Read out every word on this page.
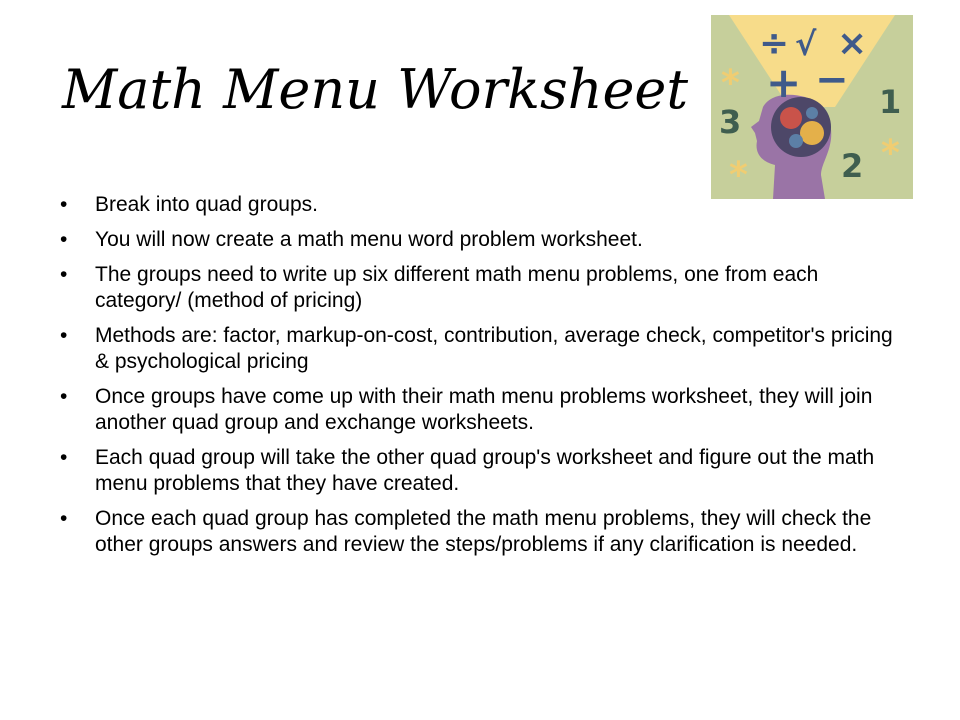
Math Menu Worksheet
÷ √ ×
+ −
3
1
2
*
*
*
•	Break into quad groups.
•	You will now create a math menu word problem worksheet.
•	The groups need to write up six different math menu problems, one from each category/ (method of pricing)
•	Methods are: factor, markup-on-cost, contribution, average check, competitor's pricing & psychological pricing
•	Once groups have come up with their math menu problems worksheet, they will join another quad group and exchange worksheets.
•	Each quad group will take the other quad group's worksheet and figure out the math menu problems that they have created.
•	Once each quad group has completed the math menu problems, they will check the other groups answers and review the steps/problems if any clarification is needed.
